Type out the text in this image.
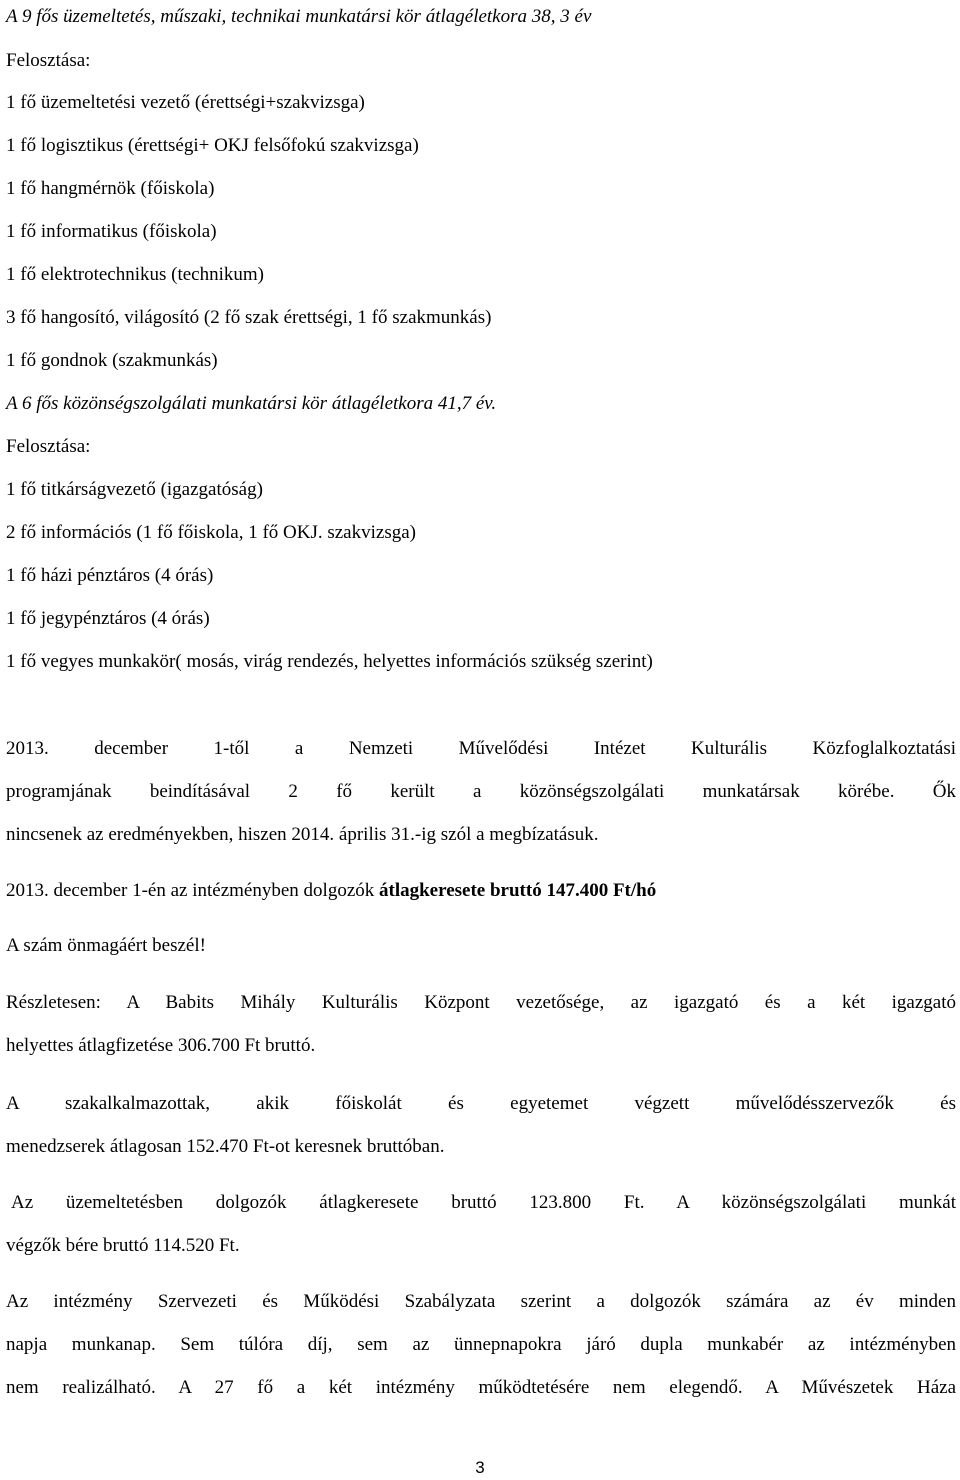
A 9 fős üzemeltetés, műszaki, technikai munkatársi kör átlagéletkora 38, 3 év
Felosztása:
1 fő üzemeltetési vezető (érettségi+szakvizsga)
1 fő logisztikus (érettségi+ OKJ felsőfokú szakvizsga)
1 fő hangmérnök (főiskola)
1 fő informatikus (főiskola)
1 fő elektrotechnikus (technikum)
3 fő hangosító, világosító (2 fő szak érettségi, 1 fő szakmunkás)
1 fő gondnok (szakmunkás)
A 6 fős közönségszolgálati munkatársi kör átlagéletkora 41,7 év.
Felosztása:
1 fő titkárságvezető (igazgatóság)
2 fő információs (1 fő főiskola, 1 fő OKJ. szakvizsga)
1 fő házi pénztáros (4 órás)
1 fő jegypénztáros (4 órás)
1 fő vegyes munkakör( mosás, virág rendezés, helyettes információs szükség szerint)
2013. december 1-től a Nemzeti Művelődési Intézet Kulturális Közfoglalkoztatási
programjának beindításával 2 fő került a közönségszolgálati munkatársak körébe. Ők
nincsenek az eredményekben, hiszen 2014. április 31.-ig szól a megbízatásuk.
2013. december 1-én az intézményben dolgozók átlagkeresete bruttó 147.400 Ft/hó
A szám önmagáért beszél!
Részletesen: A Babits Mihály Kulturális Központ vezetősége, az igazgató és a két igazgató
helyettes átlagfizetése 306.700 Ft bruttó.
A szakalkalmazottak, akik főiskolát és egyetemet végzett művelődésszervezők és
menedzserek átlagosan 152.470 Ft-ot keresnek bruttóban.
Az üzemeltetésben dolgozók átlagkeresete bruttó 123.800 Ft. A közönségszolgálati munkát
végzők bére bruttó 114.520 Ft.
Az intézmény Szervezeti és Működési Szabályzata szerint a dolgozók számára az év minden
napja munkanap. Sem túlóra díj, sem az ünnepnapokra járó dupla munkabér az intézményben
nem realizálható. A 27 fő a két intézmény működtetésére nem elegendő. A Művészetek Háza
3
